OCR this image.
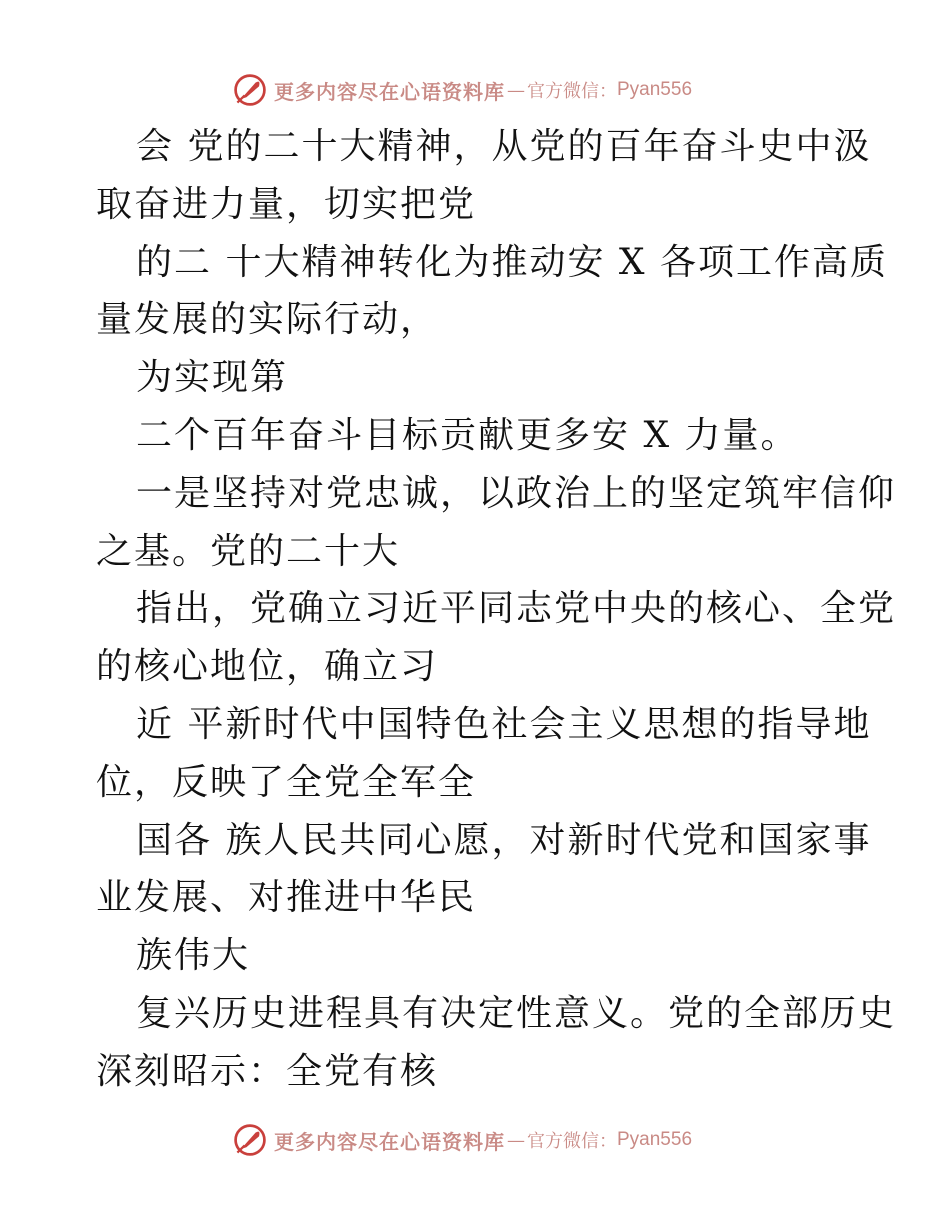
更多内容尽在心语资料库 — 官方微信： Pyan556

会 党的二十大精神，从党的百年奋斗史中汲取奋进力量，切实把党

的二 十大精神转化为推动安 X 各项工作高质量发展的实际行动，

为实现第

二个百年奋斗目标贡献更多安 X 力量。

一是坚持对党忠诚，以政治上的坚定筑牢信仰之基。党的二十大

指出，党确立习近平同志党中央的核心、全党的核心地位，确立习

近 平新时代中国特色社会主义思想的指导地位，反映了全党全军全

国各 族人民共同心愿，对新时代党和国家事业发展、对推进中华民

族伟大

复兴历史进程具有决定性意义。党的全部历史深刻昭示：全党有核

更多内容尽在心语资料库 — 官方微信： Pyan556
